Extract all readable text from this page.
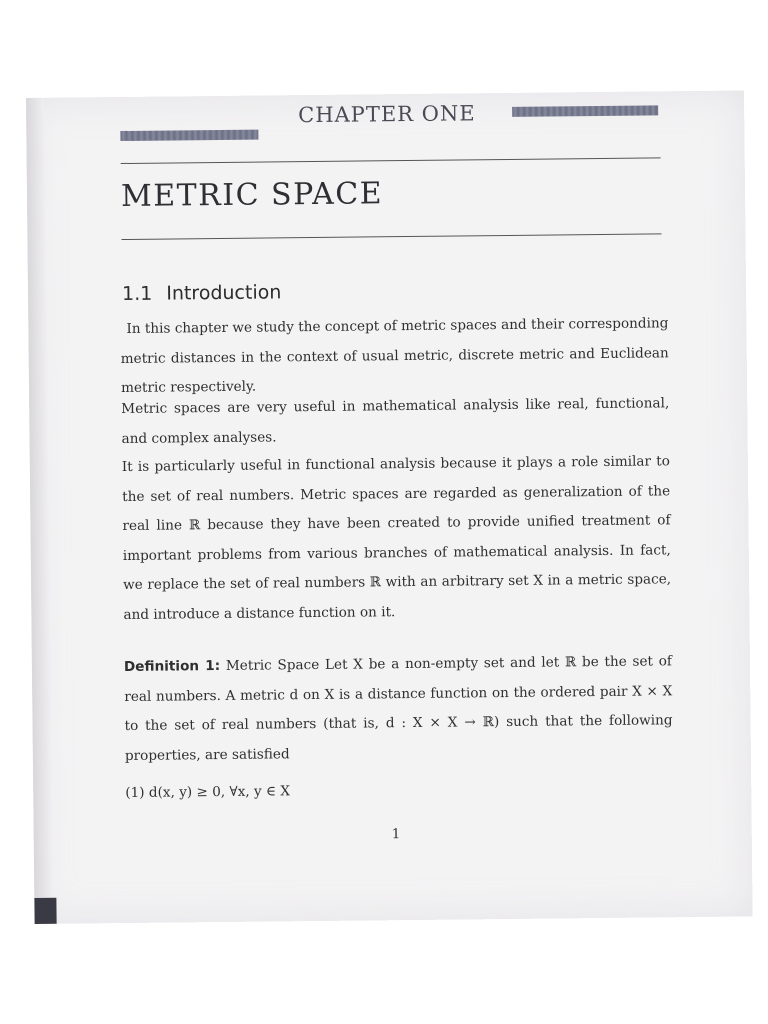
CHAPTER ONE
METRIC SPACE
1.1 Introduction
In this chapter we study the concept of metric spaces and their corresponding metric distances in the context of usual metric, discrete metric and Euclidean metric respectively.
Metric spaces are very useful in mathematical analysis like real, functional, and complex analyses.
It is particularly useful in functional analysis because it plays a role similar to the set of real numbers. Metric spaces are regarded as generalization of the real line ℝ because they have been created to provide unified treatment of important problems from various branches of mathematical analysis. In fact, we replace the set of real numbers ℝ with an arbitrary set X in a metric space, and introduce a distance function on it.
Definition 1: Metric Space Let X be a non-empty set and let ℝ be the set of real numbers. A metric d on X is a distance function on the ordered pair X × X to the set of real numbers (that is, d : X × X → ℝ) such that the following properties, are satisfied
(1) d(x, y) ≥ 0, ∀x, y ∈ X
1
